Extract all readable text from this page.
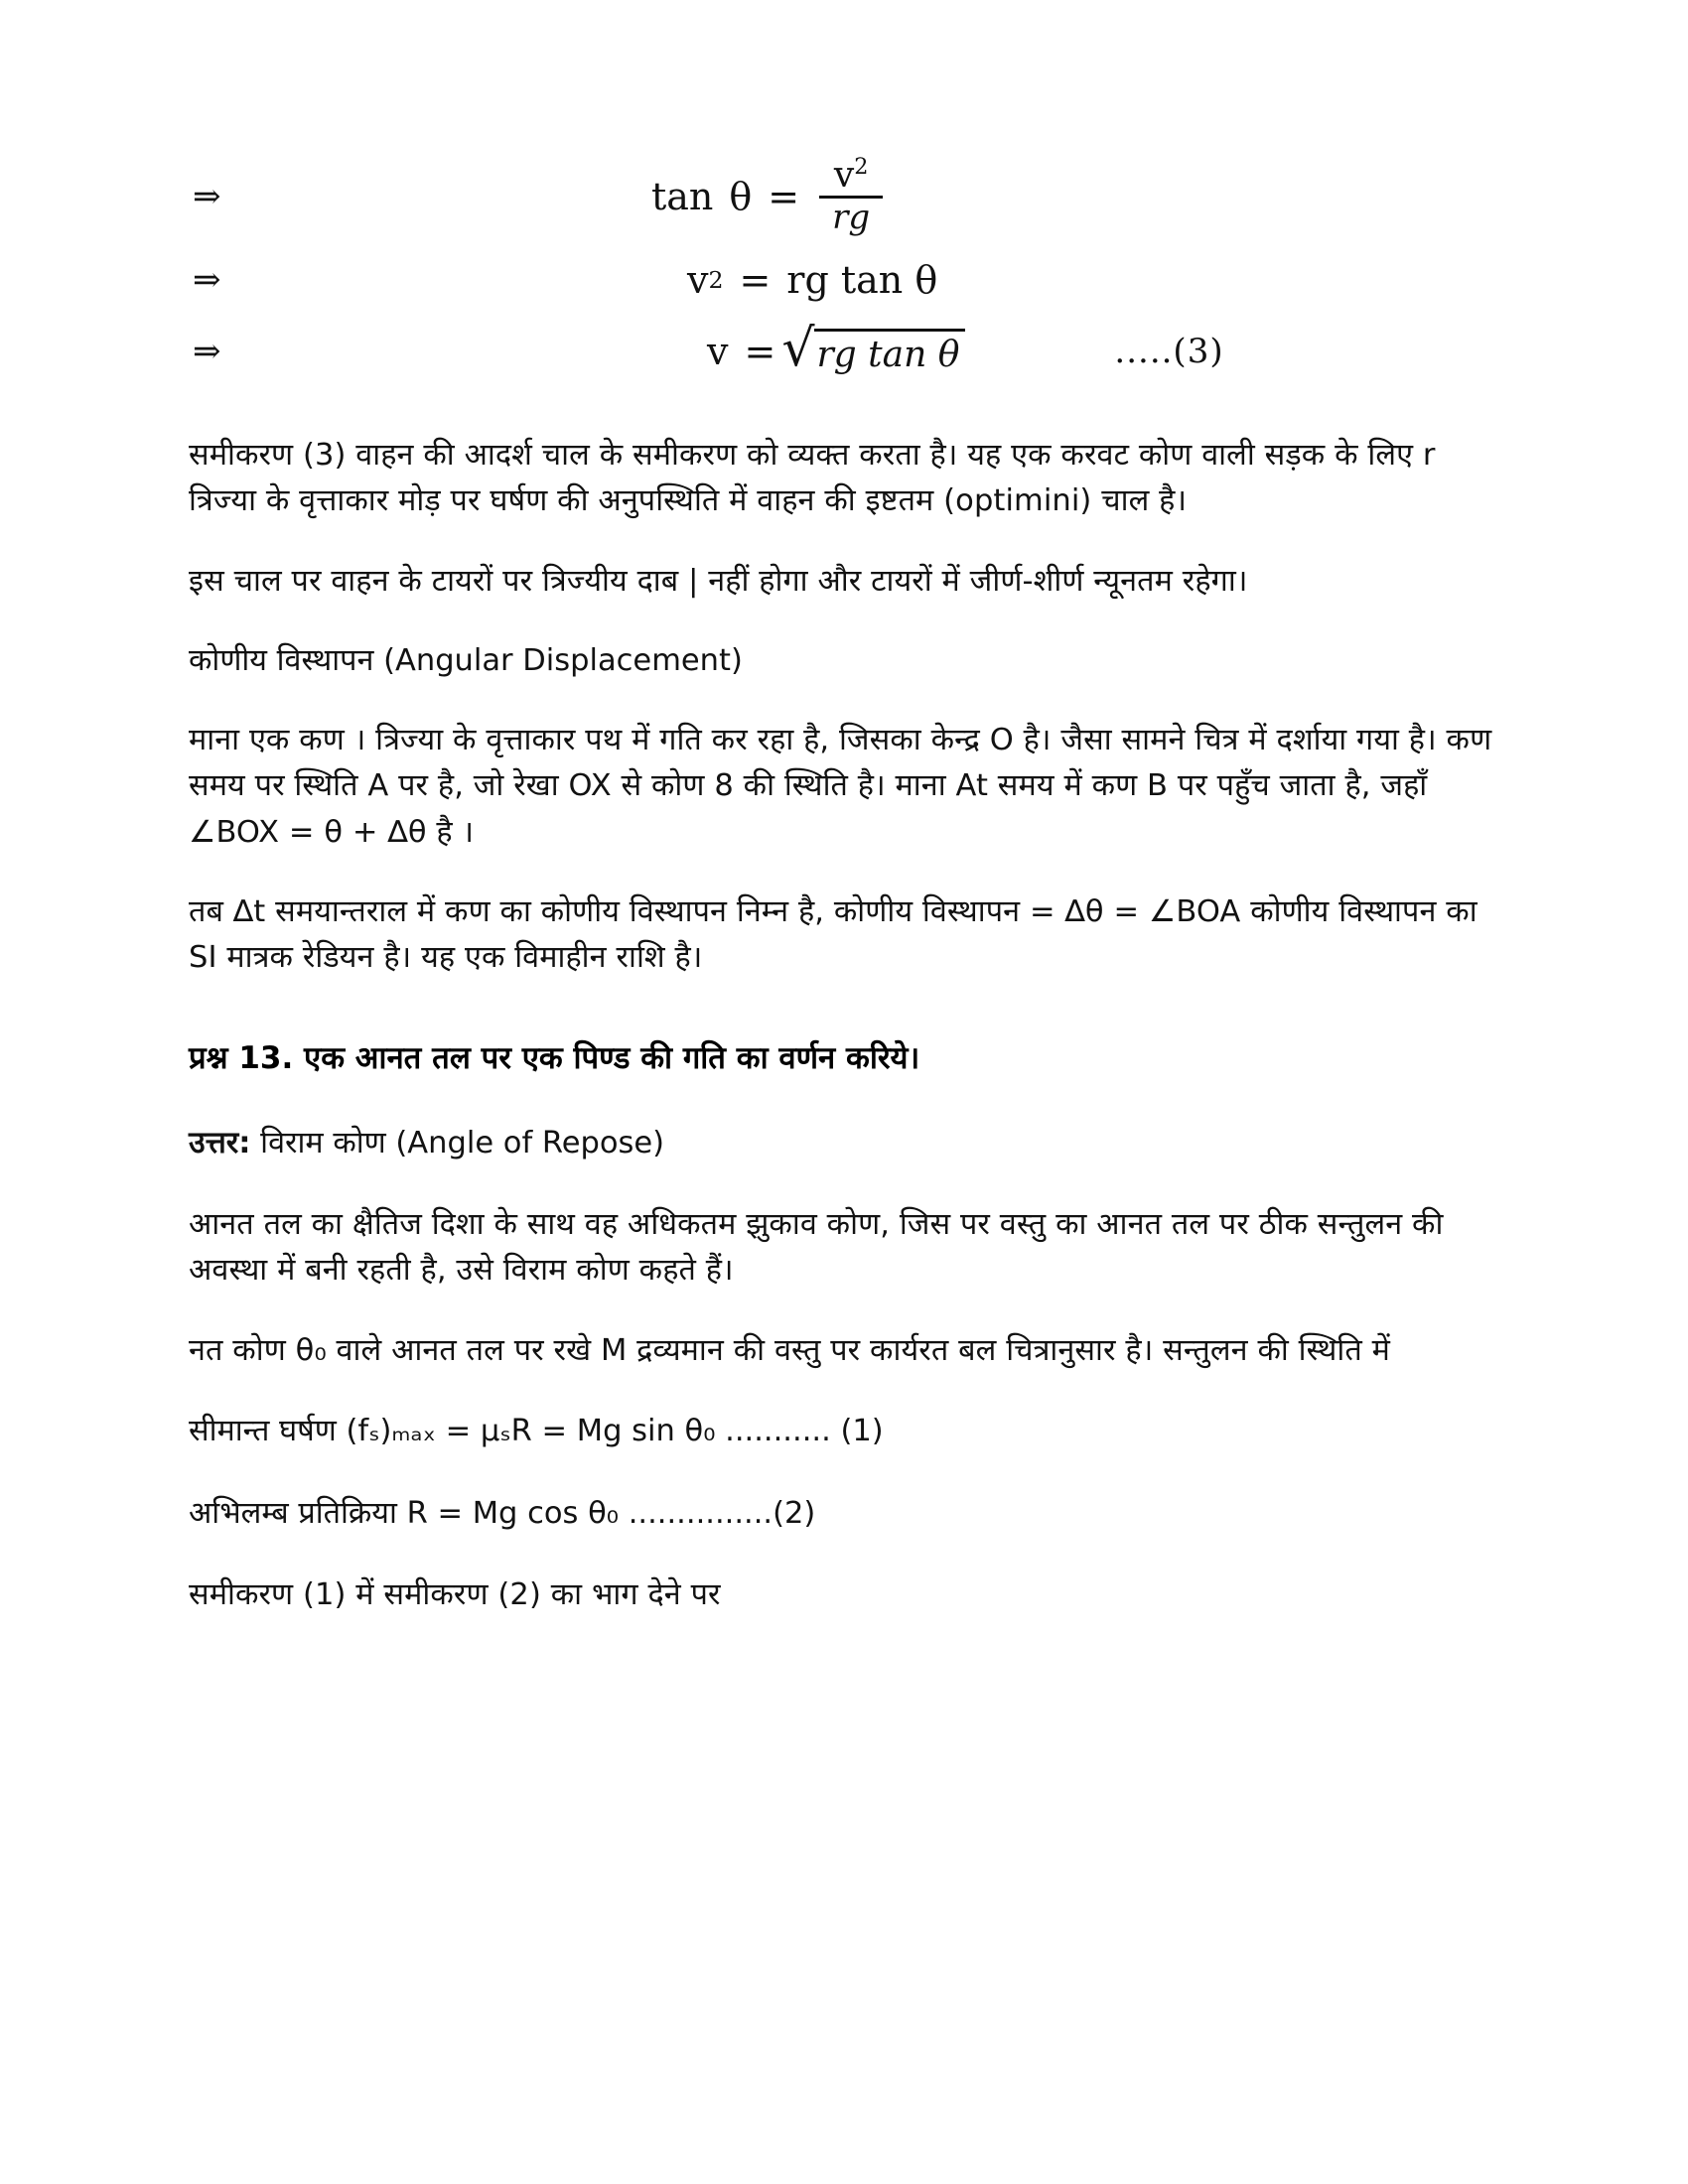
⇒	$\tan \theta = \frac{v^2}{rg}$
⇒	v 2 = rg tan θ
⇒	v = √ rg tan θ	.....(3)

समीकरण (3) वाहन की आदर्श चाल के समीकरण को व्यक्त करता है। यह एक करवट कोण वाली सड़क के लिए r त्रिज्या के वृत्ताकार मोड़ पर घर्षण की अनुपस्थिति में वाहन की इष्टतम (optimini) चाल है।

इस चाल पर वाहन के टायरों पर त्रिज्यीय दाब | नहीं होगा और टायरों में जीर्ण-शीर्ण न्यूनतम रहेगा।

कोणीय विस्थापन (Angular Displacement)

माना एक कण । त्रिज्या के वृत्ताकार पथ में गति कर रहा है, जिसका केन्द्र O है। जैसा सामने चित्र में दर्शाया गया है। कण समय पर स्थिति A पर है, जो रेखा OX से कोण 8 की स्थिति है। माना At समय में कण B पर पहुँच जाता है, जहाँ ∠BOX = θ + ∆θ है ।

तब ∆t समयान्तराल में कण का कोणीय विस्थापन निम्न है, कोणीय विस्थापन = ∆θ = ∠BOA कोणीय विस्थापन का SI मात्रक रेडियन है। यह एक विमाहीन राशि है।

प्रश्न 13. एक आनत तल पर एक पिण्ड की गति का वर्णन करिये।

उत्तर: विराम कोण (Angle of Repose)

आनत तल का क्षैतिज दिशा के साथ वह अधिकतम झुकाव कोण, जिस पर वस्तु का आनत तल पर ठीक सन्तुलन की अवस्था में बनी रहती है, उसे विराम कोण कहते हैं।

नत कोण θ₀ वाले आनत तल पर रखे M द्रव्यमान की वस्तु पर कार्यरत बल चित्रानुसार है। सन्तुलन की स्थिति में

सीमान्त घर्षण (fₛ)ₘₐₓ = μₛR = Mg sin θ₀ ........... (1)

अभिलम्ब प्रतिक्रिया R = Mg cos θ₀ ...............(2)

समीकरण (1) में समीकरण (2) का भाग देने पर
